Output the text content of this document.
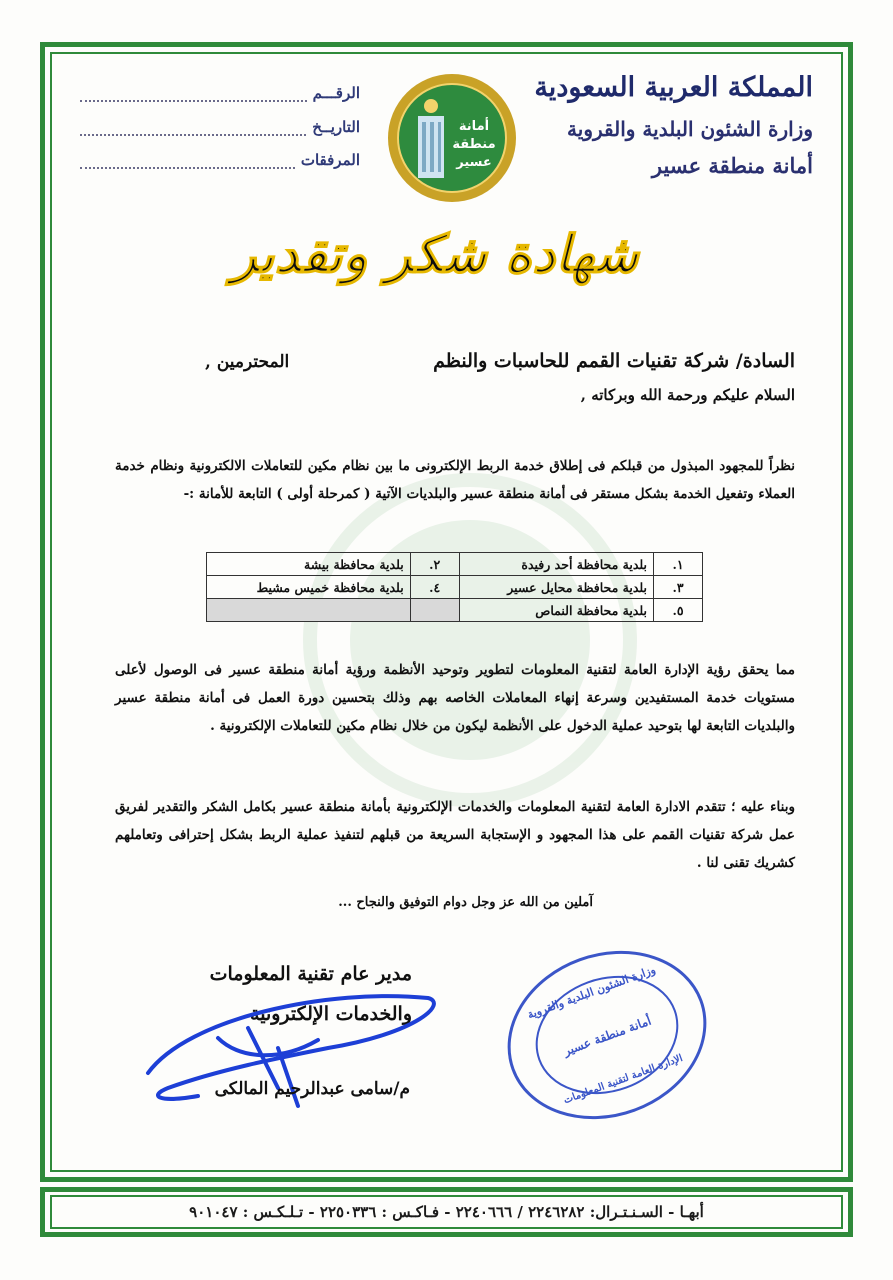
المملكة العربية السعودية
وزارة الشئون البلدية والقروية
أمانة منطقة عسير
الرقـــم
التاريــخ
المرفقات
أمانة
منطقة
عسير
شهادة شكر وتقدير
السادة/ شركة تقنيات القمم للحاسبات والنظم
المحترمين ,
السلام عليكم ورحمة الله وبركاته ,
نظراً للمجهود المبذول من قبلكم فى إطلاق خدمة الربط الإلكترونى ما بين نظام مكين للتعاملات الالكترونية ونظام خدمة العملاء وتفعيل الخدمة بشكل مستقر فى أمانة منطقة عسير والبلديات الآتية ( كمرحلة أولى ) التابعة للأمانة :-
١.	بلدية محافظة أحد رفيدة	٢.	بلدية محافظة بيشة
٣.	بلدية محافظة محايل عسير	٤.	بلدية محافظة خميس مشيط
٥.	بلدية محافظة النماص		
مما يحقق رؤية الإدارة العامة لتقنية المعلومات لتطوير وتوحيد الأنظمة ورؤية أمانة منطقة عسير فى الوصول لأعلى مستويات خدمة المستفيدين وسرعة إنهاء المعاملات الخاصه بهم وذلك بتحسين دورة العمل فى أمانة منطقة عسير والبلديات التابعة لها بتوحيد عملية الدخول على الأنظمة ليكون من خلال نظام مكين للتعاملات الإلكترونية .
وبناء عليه ؛ تتقدم الادارة العامة لتقنية المعلومات والخدمات الإلكترونية بأمانة منطقة عسير بكامل الشكر والتقدير لفريق عمل شركة تقنيات القمم على هذا المجهود و الإستجابة السريعة من قبلهم لتنفيذ عملية الربط بشكل إحترافى وتعاملهم كشريك تقنى لنا .
آملين من الله عز وجل دوام التوفيق والنجاح ...
وزارة الشئون البلدية والقروية
أمانة منطقة عسير
الإدارة العامة لتقنية المعلومات
مدير عام تقنية المعلومات
والخدمات الإلكترونية
م/سامى عبدالرحيم المالكى
أبهـا - السـنـتـرال: ٢٢٤٦٢٨٢ / ٢٢٤٠٦٦٦ - فـاكـس : ٢٢٥٠٣٣٦ - تـلـكـس : ٩٠١٠٤٧
